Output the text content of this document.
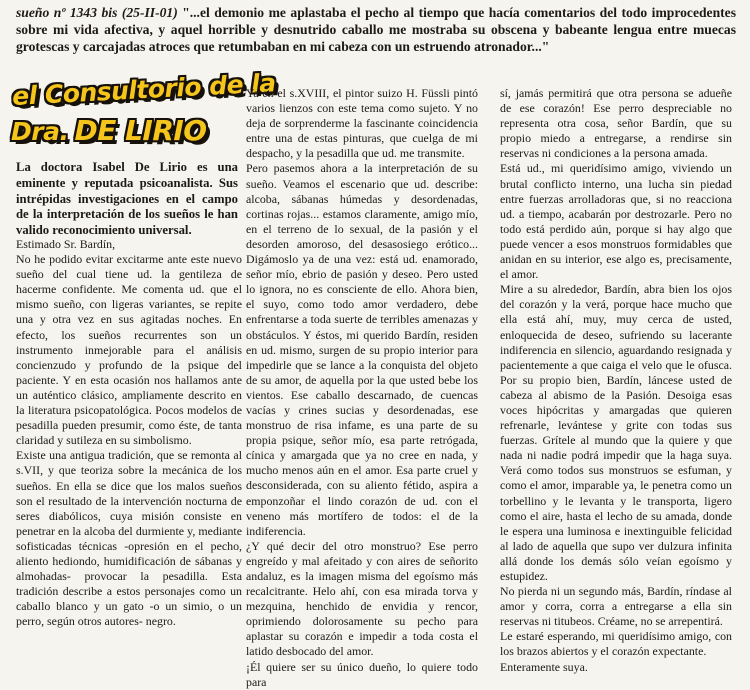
sueño nº 1343 bis (25-II-01) "...el demonio me aplastaba el pecho al tiempo que hacía comentarios del todo improcedentes sobre mi vida afectiva, y aquel horrible y desnutrido caballo me mostraba su obscena y babeante lengua entre muecas grotescas y carcajadas atroces que retumbaban en mi cabeza con un estruendo atronador..."
el Consultorio de la
Dra. DE LIRIO
La doctora Isabel De Lirio es una eminente y reputada psicoanalista. Sus intrépidas investigaciones en el campo de la interpretación de los sueños le han valido reconocimiento universal.

Estimado Sr. Bardín,

No he podido evitar excitarme ante este nuevo sueño del cual tiene ud. la gentileza de hacerme confidente. Me comenta ud. que el mismo sueño, con ligeras variantes, se repite una y otra vez en sus agitadas noches. En efecto, los sueños recurrentes son un instrumento inmejorable para el análisis concienzudo y profundo de la psique del paciente. Y en esta ocasión nos hallamos ante un auténtico clásico, ampliamente descrito en la literatura psicopatológica. Pocos modelos de pesadilla pueden presumir, como éste, de tanta claridad y sutileza en su simbolismo.

Existe una antigua tradición, que se remonta al s.VII, y que teoriza sobre la mecánica de los sueños. En ella se dice que los malos sueños son el resultado de la intervención nocturna de seres diabólicos, cuya misión consiste en penetrar en la alcoba del durmiente y, mediante sofisticadas técnicas -opresión en el pecho, aliento hediondo, humidificación de sábanas y almohadas- provocar la pesadilla. Esta tradición describe a estos personajes como un caballo blanco y un gato -o un simio, o un perro, según otros autores- negro.

Ya en el s.XVIII, el pintor suizo H. Füssli pintó varios lienzos con este tema como sujeto. Y no deja de sorprenderme la fascinante coincidencia entre una de estas pinturas, que cuelga de mi despacho, y la pesadilla que ud. me transmite.

Pero pasemos ahora a la interpretación de su sueño. Veamos el escenario que ud. describe: alcoba, sábanas húmedas y desordenadas, cortinas rojas... estamos claramente, amigo mío, en el terreno de lo sexual, de la pasión y el desorden amoroso, del desasosiego erótico... Digámoslo ya de una vez: está ud. enamorado, señor mío, ebrio de pasión y deseo. Pero usted lo ignora, no es consciente de ello. Ahora bien, el suyo, como todo amor verdadero, debe enfrentarse a toda suerte de terribles amenazas y obstáculos. Y éstos, mi querido Bardín, residen en ud. mismo, surgen de su propio interior para impedirle que se lance a la conquista del objeto de su amor, de aquella por la que usted bebe los vientos. Ese caballo descarnado, de cuencas vacías y crines sucias y desordenadas, ese monstruo de risa infame, es una parte de su propia psique, señor mío, esa parte retrógada, cínica y amargada que ya no cree en nada, y mucho menos aún en el amor. Esa parte cruel y desconsiderada, con su aliento fétido, aspira a emponzoñar el lindo corazón de ud. con el veneno más mortífero de todos: el de la indiferencia.

¿Y qué decir del otro monstruo? Ese perro engreído y mal afeitado y con aires de señorito andaluz, es la imagen misma del egoísmo más recalcitrante. Helo ahí, con esa mirada torva y mezquina, henchido de envidia y rencor, oprimiendo dolorosamente su pecho para aplastar su corazón e impedir a toda costa el latido desbocado del amor.

¡Él quiere ser su único dueño, lo quiere todo para

sí, jamás permitirá que otra persona se adueñe de ese corazón! Ese perro despreciable no representa otra cosa, señor Bardín, que su propio miedo a entregarse, a rendirse sin reservas ni condiciones a la persona amada.

Está ud., mi queridísimo amigo, viviendo un brutal conflicto interno, una lucha sin piedad entre fuerzas arrolladoras que, si no reacciona ud. a tiempo, acabarán por destrozarle. Pero no todo está perdido aún, porque si hay algo que puede vencer a esos monstruos formidables que anidan en su interior, ese algo es, precisamente, el amor.

Mire a su alrededor, Bardín, abra bien los ojos del corazón y la verá, porque hace mucho que ella está ahí, muy, muy cerca de usted, enloquecida de deseo, sufriendo su lacerante indiferencia en silencio, aguardando resignada y pacientemente a que caiga el velo que le ofusca. Por su propio bien, Bardín, láncese usted de cabeza al abismo de la Pasión. Desoiga esas voces hipócritas y amargadas que quieren refrenarle, levántese y grite con todas sus fuerzas. Grítele al mundo que la quiere y que nada ni nadie podrá impedir que la haga suya. Verá como todos sus monstruos se esfuman, y como el amor, imparable ya, le penetra como un torbellino y le levanta y le transporta, ligero como el aire, hasta el lecho de su amada, donde le espera una luminosa e inextinguible felicidad al lado de aquella que supo ver dulzura infinita allá donde los demás sólo veían egoísmo y estupidez.

No pierda ni un segundo más, Bardín, ríndase al amor y corra, corra a entregarse a ella sin reservas ni titubeos. Créame, no se arrepentirá.

Le estaré esperando, mi queridísimo amigo, con los brazos abiertos y el corazón expectante.

Enteramente suya.
